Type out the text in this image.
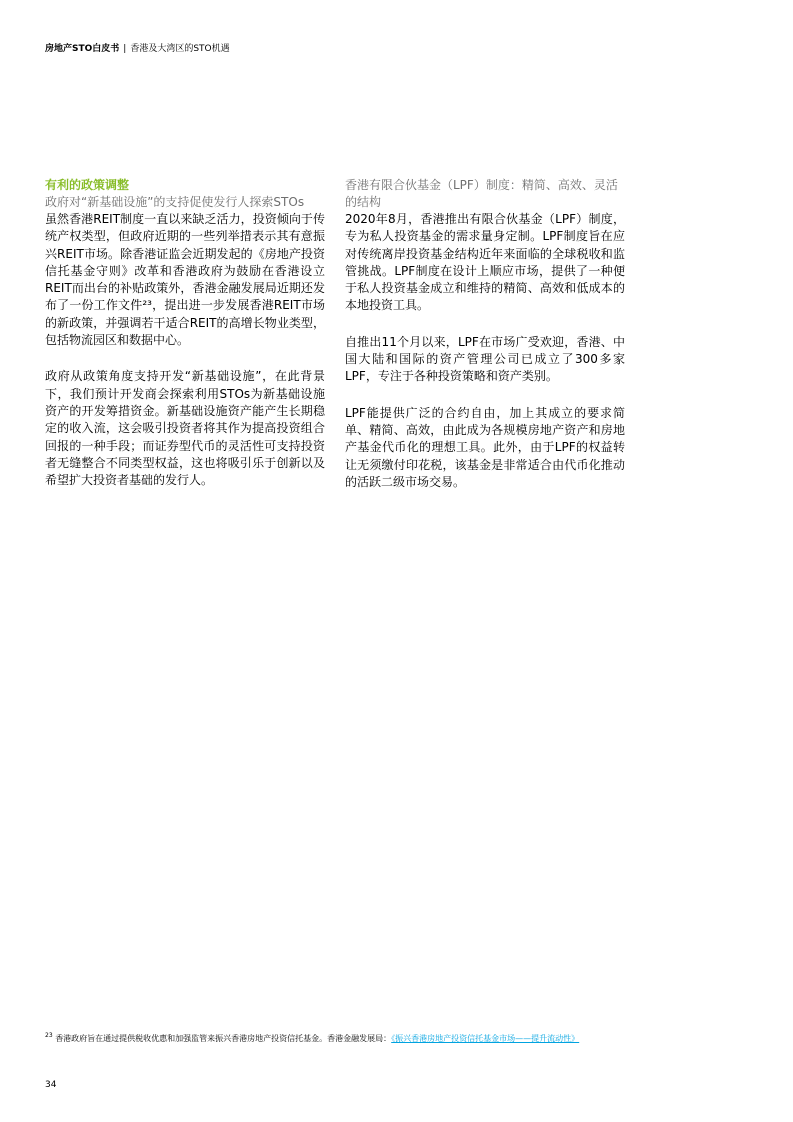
房地产STO白皮书 | 香港及大湾区的STO机遇

有利的政策调整

政府对“新基础设施”的支持促使发行人探索STOs

虽然香港REIT制度一直以来缺乏活力，投资倾向于传统产权类型，但政府近期的一些列举措表示其有意振兴REIT市场。除香港证监会近期发起的《房地产投资信托基金守则》改革和香港政府为鼓励在香港设立REIT而出台的补贴政策外，香港金融发展局近期还发布了一份工作文件²³，提出进一步发展香港REIT市场的新政策，并强调若干适合REIT的高增长物业类型，包括物流园区和数据中心。

政府从政策角度支持开发“新基础设施”，在此背景下，我们预计开发商会探索利用STOs为新基础设施资产的开发筹措资金。新基础设施资产能产生长期稳定的收入流，这会吸引投资者将其作为提高投资组合回报的一种手段；而证券型代币的灵活性可支持投资者无缝整合不同类型权益，这也将吸引乐于创新以及希望扩大投资者基础的发行人。

香港有限合伙基金（LPF）制度：精简、高效、灵活的结构

2020年8月，香港推出有限合伙基金（LPF）制度，专为私人投资基金的需求量身定制。LPF制度旨在应对传统离岸投资基金结构近年来面临的全球税收和监管挑战。LPF制度在设计上顺应市场，提供了一种便于私人投资基金成立和维持的精简、高效和低成本的本地投资工具。

自推出11个月以来，LPF在市场广受欢迎，香港、中国大陆和国际的资产管理公司已成立了300多家LPF，专注于各种投资策略和资产类别。

LPF能提供广泛的合约自由，加上其成立的要求简单、精简、高效，由此成为各规模房地产资产和房地产基金代币化的理想工具。此外，由于LPF的权益转让无须缴付印花税，该基金是非常适合由代币化推动的活跃二级市场交易。

$^{23}$ 香港政府旨在通过提供税收优惠和加强监管来振兴香港房地产投资信托基金。香港金融发展局：《振兴香港房地产投资信托基金市场——提升流动性》
34
